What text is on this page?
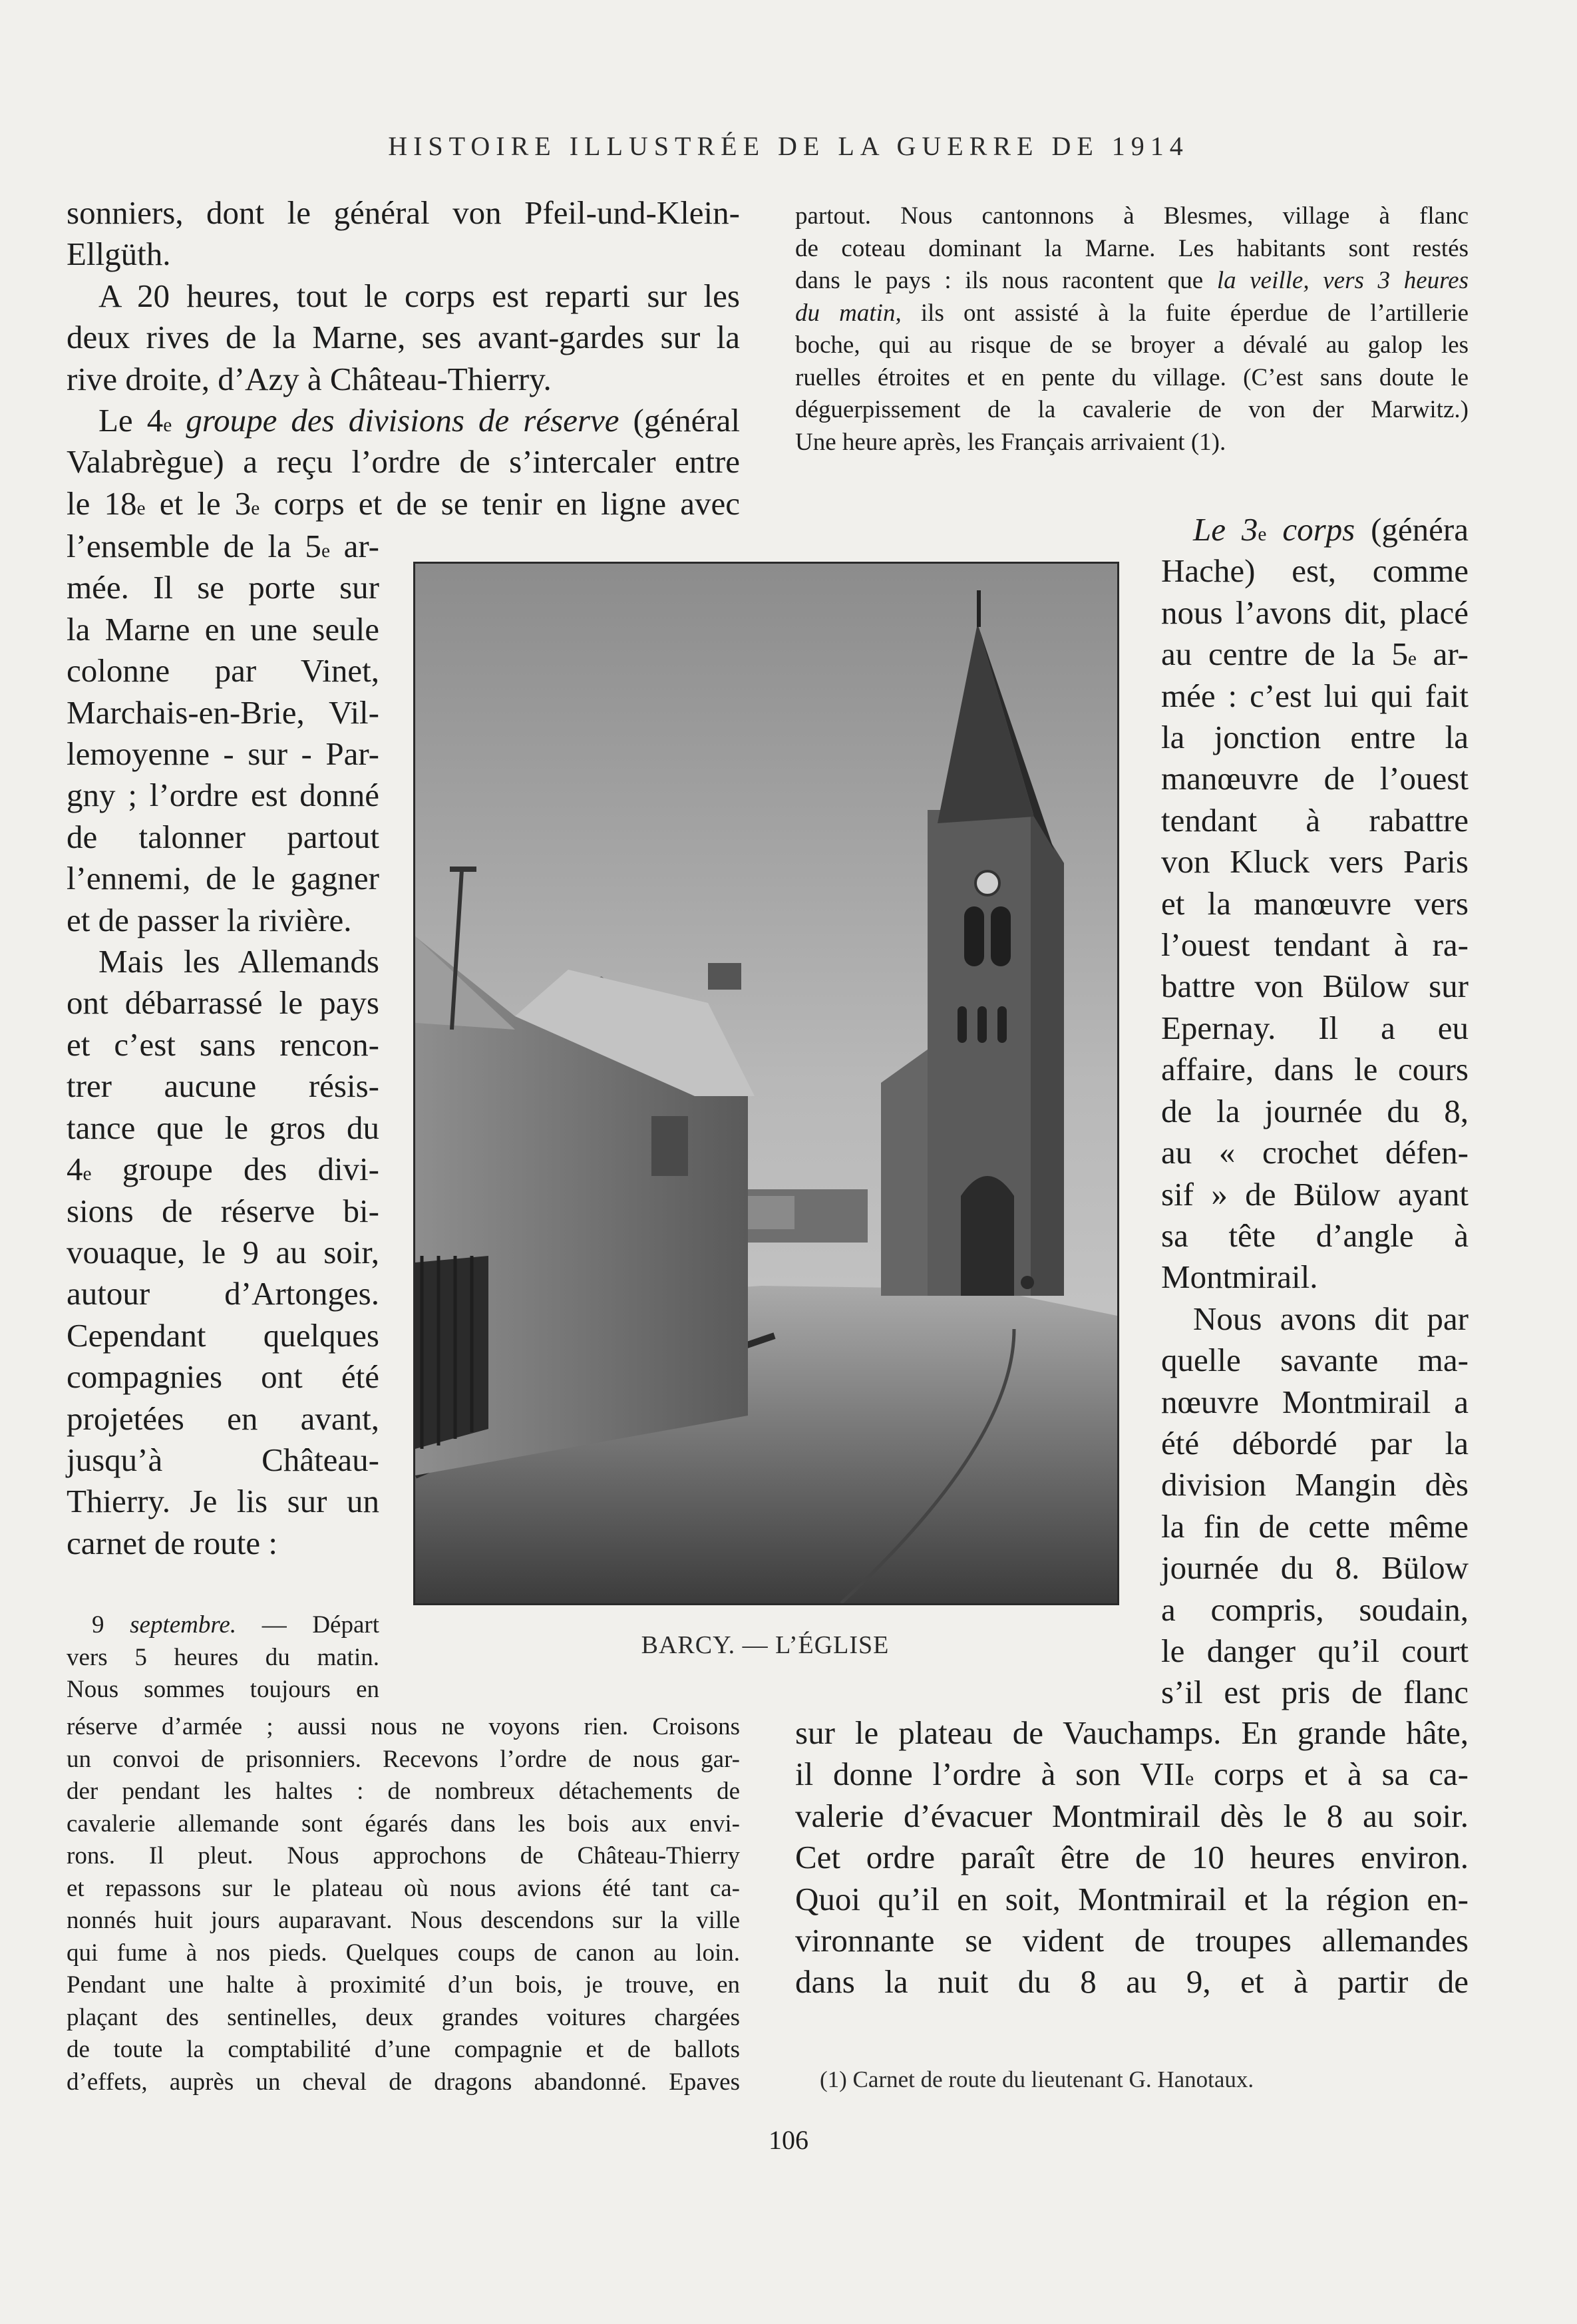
HISTOIRE ILLUSTRÉE DE LA GUERRE DE 1914
sonniers, dont le général von Pfeil-und-Klein-
Ellgüth.
A 20 heures, tout le corps est reparti sur les
deux rives de la Marne, ses avant-gardes sur la
rive droite, d’Azy à Château-Thierry.
Le 4e groupe des divisions de réserve (général
Valabrègue) a reçu l’ordre de s’intercaler entre
le 18e et le 3e corps et de se tenir en ligne avec
l’ensemble de la 5e ar-
mée. Il se porte sur
la Marne en une seule
colonne par Vinet,
Marchais-en-Brie, Vil-
lemoyenne - sur - Par-
gny ; l’ordre est donné
de talonner partout
l’ennemi, de le gagner
et de passer la rivière.
Mais les Allemands
ont débarrassé le pays
et c’est sans rencon-
trer aucune résis-
tance que le gros du
4e groupe des divi-
sions de réserve bi-
vouaque, le 9 au soir,
autour d’Artonges.
Cependant quelques
compagnies ont été
projetées en avant,
jusqu’à Château-
Thierry. Je lis sur un
carnet de route :
9 septembre. — Départ
vers 5 heures du matin.
Nous sommes toujours en
réserve d’armée ; aussi nous ne voyons rien. Croisons
un convoi de prisonniers. Recevons l’ordre de nous gar-
der pendant les haltes : de nombreux détachements de
cavalerie allemande sont égarés dans les bois aux envi-
rons. Il pleut. Nous approchons de Château-Thierry
et repassons sur le plateau où nous avions été tant ca-
nonnés huit jours auparavant. Nous descendons sur la ville
qui fume à nos pieds. Quelques coups de canon au loin.
Pendant une halte à proximité d’un bois, je trouve, en
plaçant des sentinelles, deux grandes voitures chargées
de toute la comptabilité d’une compagnie et de ballots
d’effets, auprès un cheval de dragons abandonné. Epaves
partout. Nous cantonnons à Blesmes, village à flanc
de coteau dominant la Marne. Les habitants sont restés
dans le pays : ils nous racontent que la veille, vers 3 heures
du matin, ils ont assisté à la fuite éperdue de l’artillerie
boche, qui au risque de se broyer a dévalé au galop les
ruelles étroites et en pente du village. (C’est sans doute le
déguerpissement de la cavalerie de von der Marwitz.)
Une heure après, les Français arrivaient (1).
BARCY. — L’ÉGLISE
Le 3e corps (généra
Hache) est, comme
nous l’avons dit, placé
au centre de la 5e ar-
mée : c’est lui qui fait
la jonction entre la
manœuvre de l’ouest
tendant à rabattre
von Kluck vers Paris
et la manœuvre vers
l’ouest tendant à ra-
battre von Bülow sur
Epernay. Il a eu
affaire, dans le cours
de la journée du 8,
au « crochet défen-
sif » de Bülow ayant
sa tête d’angle à
Montmirail.
Nous avons dit par
quelle savante ma-
nœuvre Montmirail a
été débordé par la
division Mangin dès
la fin de cette même
journée du 8. Bülow
a compris, soudain,
le danger qu’il court
s’il est pris de flanc
sur le plateau de Vauchamps. En grande hâte,
il donne l’ordre à son VIIe corps et à sa ca-
valerie d’évacuer Montmirail dès le 8 au soir.
Cet ordre paraît être de 10 heures environ.
Quoi qu’il en soit, Montmirail et la région en-
vironnante se vident de troupes allemandes
dans la nuit du 8 au 9, et à partir de
(1) Carnet de route du lieutenant G. Hanotaux.
106
